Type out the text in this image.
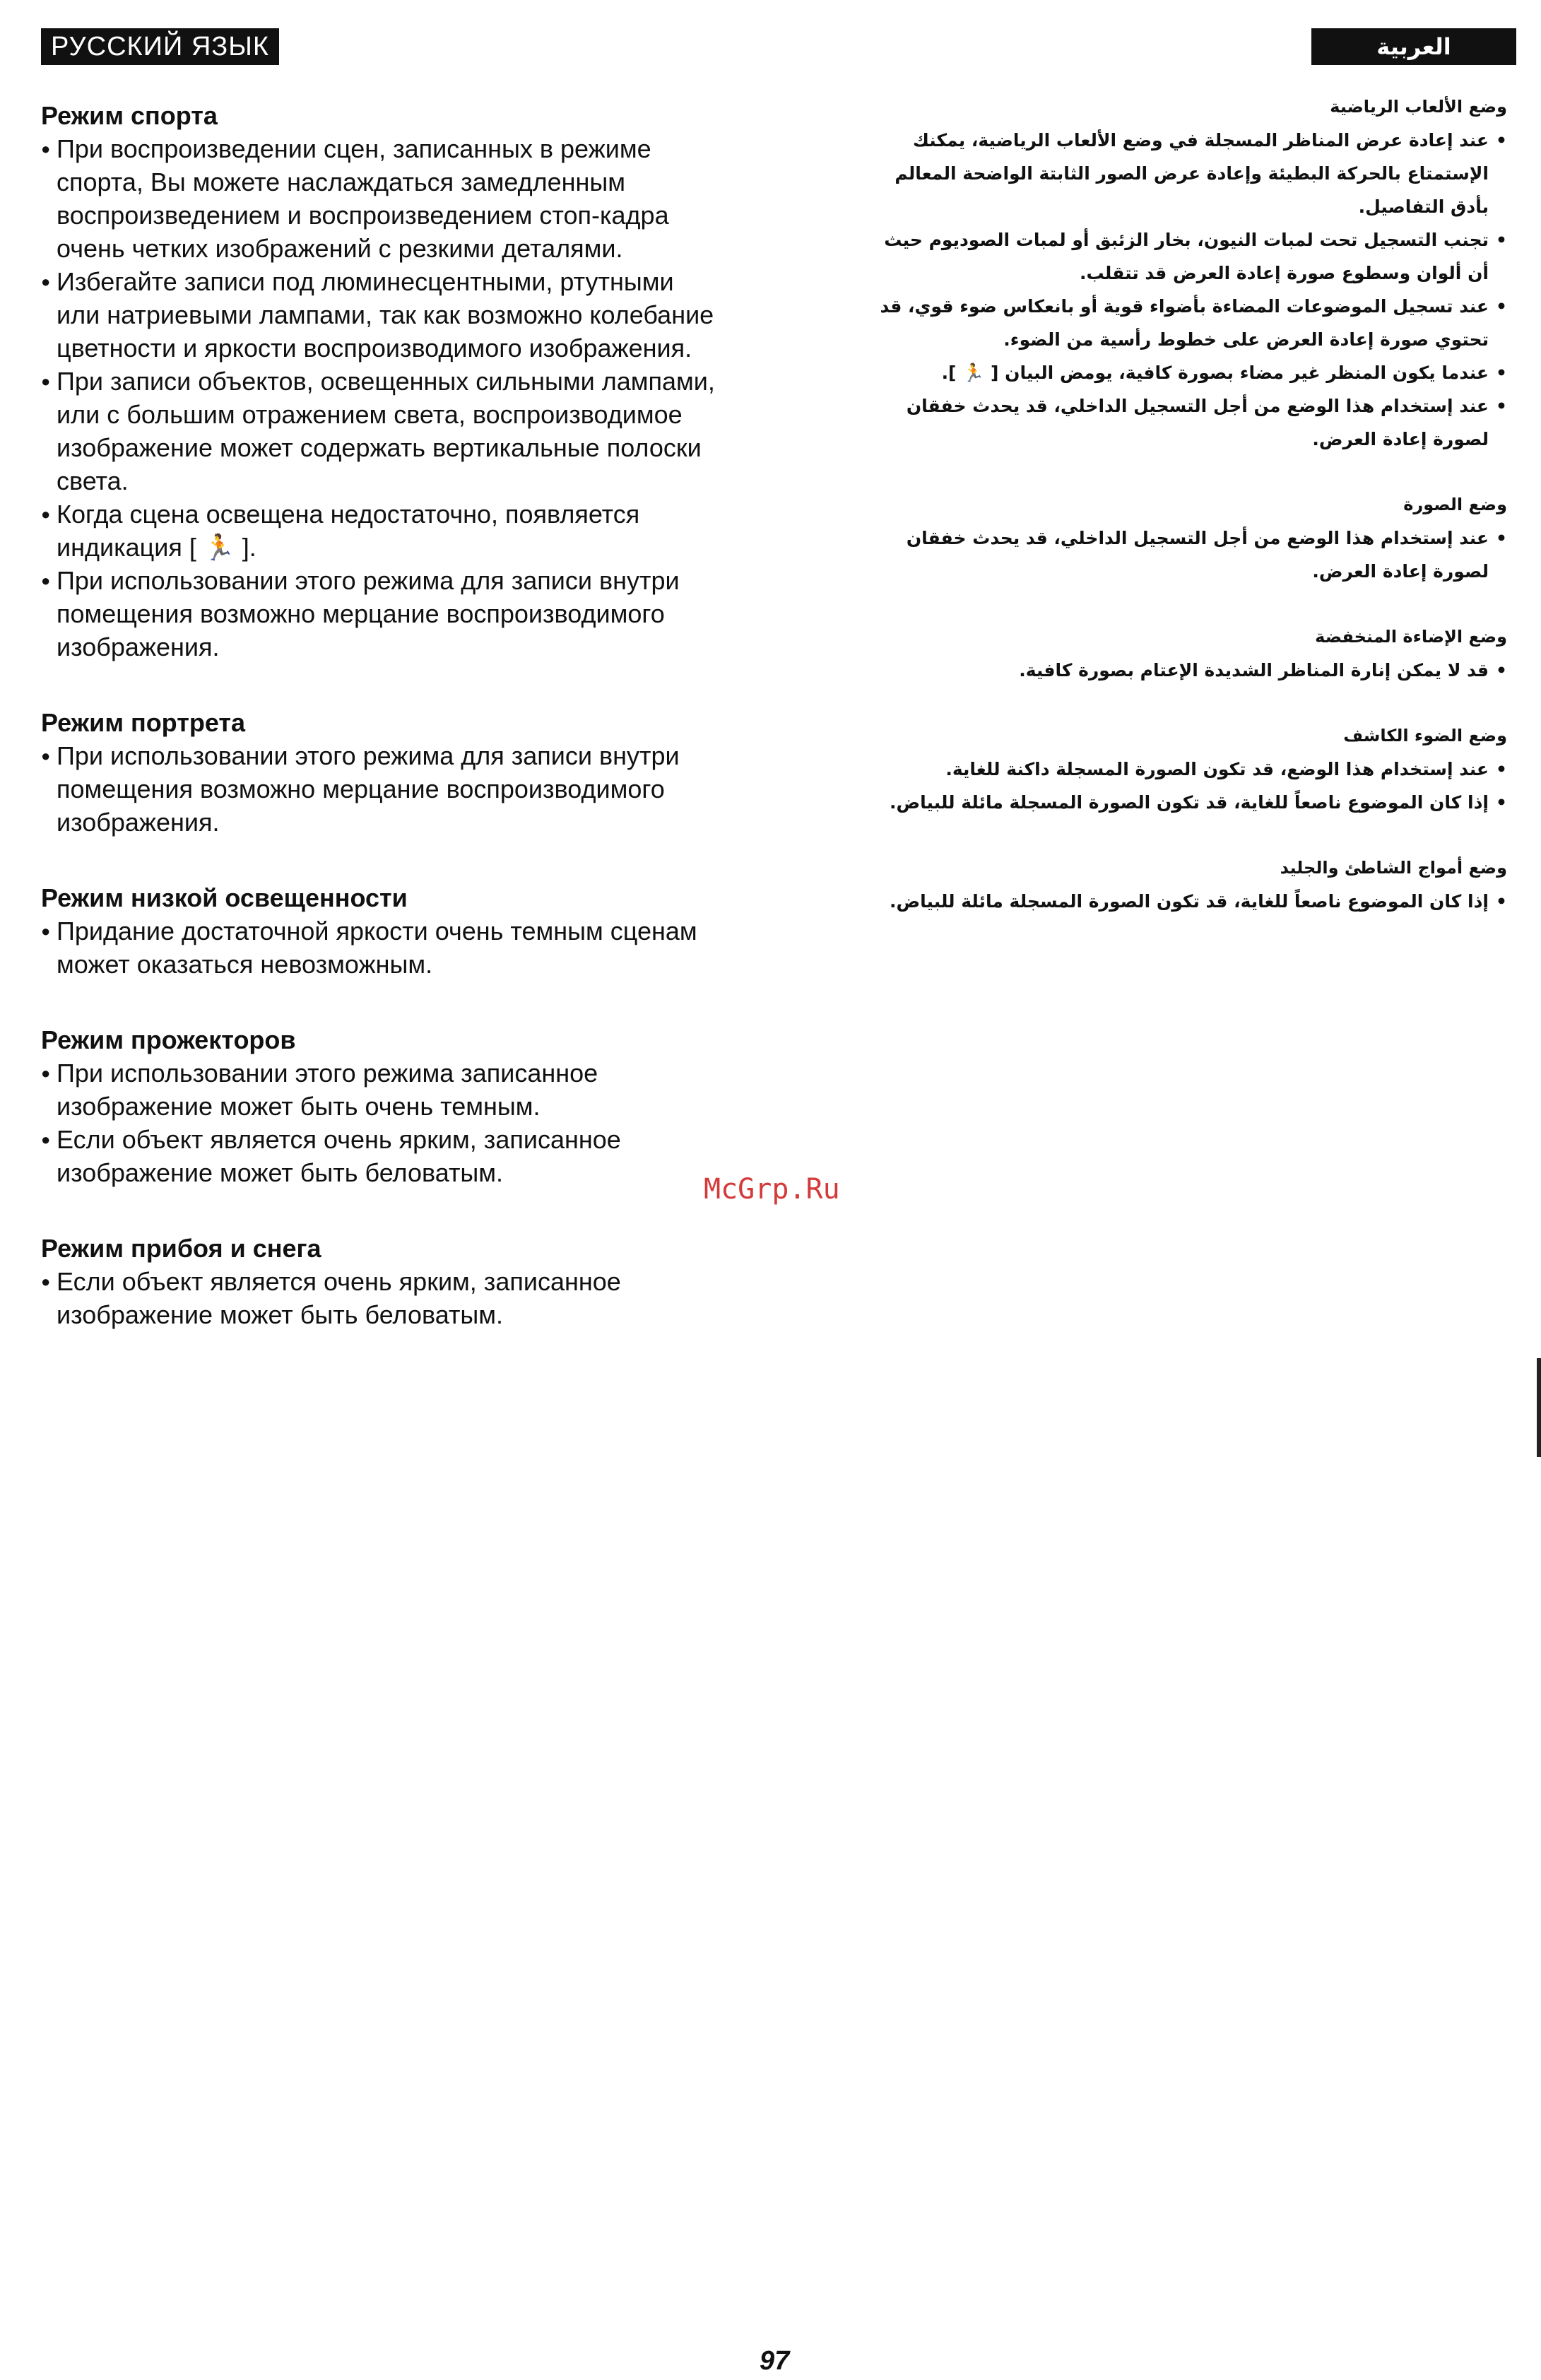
РУССКИЙ ЯЗЫК	العربية
Режим спорта
● При воспроизведении сцен, записанных в режиме спорта, Вы можете наслаждаться замедленным воспроизведением и воспроизведением стоп-кадра очень четких изображений с резкими деталями.
● Избегайте записи под люминесцентными, ртутными или натриевыми лампами, так как возможно колебание цветности и яркости воспроизводимого изображения.
● При записи объектов, освещенных сильными лампами, или с большим отражением света, воспроизводимое изображение может содержать вертикальные полоски света.
● Когда сцена освещена недостаточно, появляется индикация [ 🏃 ].
● При использовании этого режима для записи внутри помещения возможно мерцание воспроизводимого изображения.
Режим портрета
● При использовании этого режима для записи внутри помещения возможно мерцание воспроизводимого изображения.
Режим низкой освещенности
● Придание достаточной яркости очень темным сценам может оказаться невозможным.
Режим прожекторов
● При использовании этого режима записанное изображение может быть очень темным.
● Если объект является очень ярким, записанное изображение может быть беловатым.
Режим прибоя и снега
● Если объект является очень ярким, записанное изображение может быть беловатым.
وضع الألعاب الرياضية
• عند إعادة عرض المناظر المسجلة في وضع الألعاب الرياضية، يمكنك الإستمتاع بالحركة البطيئة وإعادة عرض الصور الثابتة الواضحة المعالم بأدق التفاصيل.
• تجنب التسجيل تحت لمبات النيون، بخار الزئبق أو لمبات الصوديوم حيث أن ألوان وسطوع صورة إعادة العرض قد تتقلب.
• عند تسجيل الموضوعات المضاءة بأضواء قوية أو بانعكاس ضوء قوي، قد تحتوي صورة إعادة العرض على خطوط رأسية من الضوء.
• عندما يكون المنظر غير مضاء بصورة كافية، يومض البيان [ 🏃 ].
• عند إستخدام هذا الوضع من أجل التسجيل الداخلي، قد يحدث خفقان لصورة إعادة العرض.
وضع الصورة
• عند إستخدام هذا الوضع من أجل التسجيل الداخلي، قد يحدث خفقان لصورة إعادة العرض.
وضع الإضاءة المنخفضة
• قد لا يمكن إنارة المناظر الشديدة الإعتام بصورة كافية.
وضع الضوء الكاشف
• عند إستخدام هذا الوضع، قد تكون الصورة المسجلة داكنة للغاية.
• إذا كان الموضوع ناصعاً للغاية، قد تكون الصورة المسجلة مائلة للبياض.
وضع أمواج الشاطئ والجليد
• إذا كان الموضوع ناصعاً للغاية، قد تكون الصورة المسجلة مائلة للبياض.
McGrp.Ru
97
